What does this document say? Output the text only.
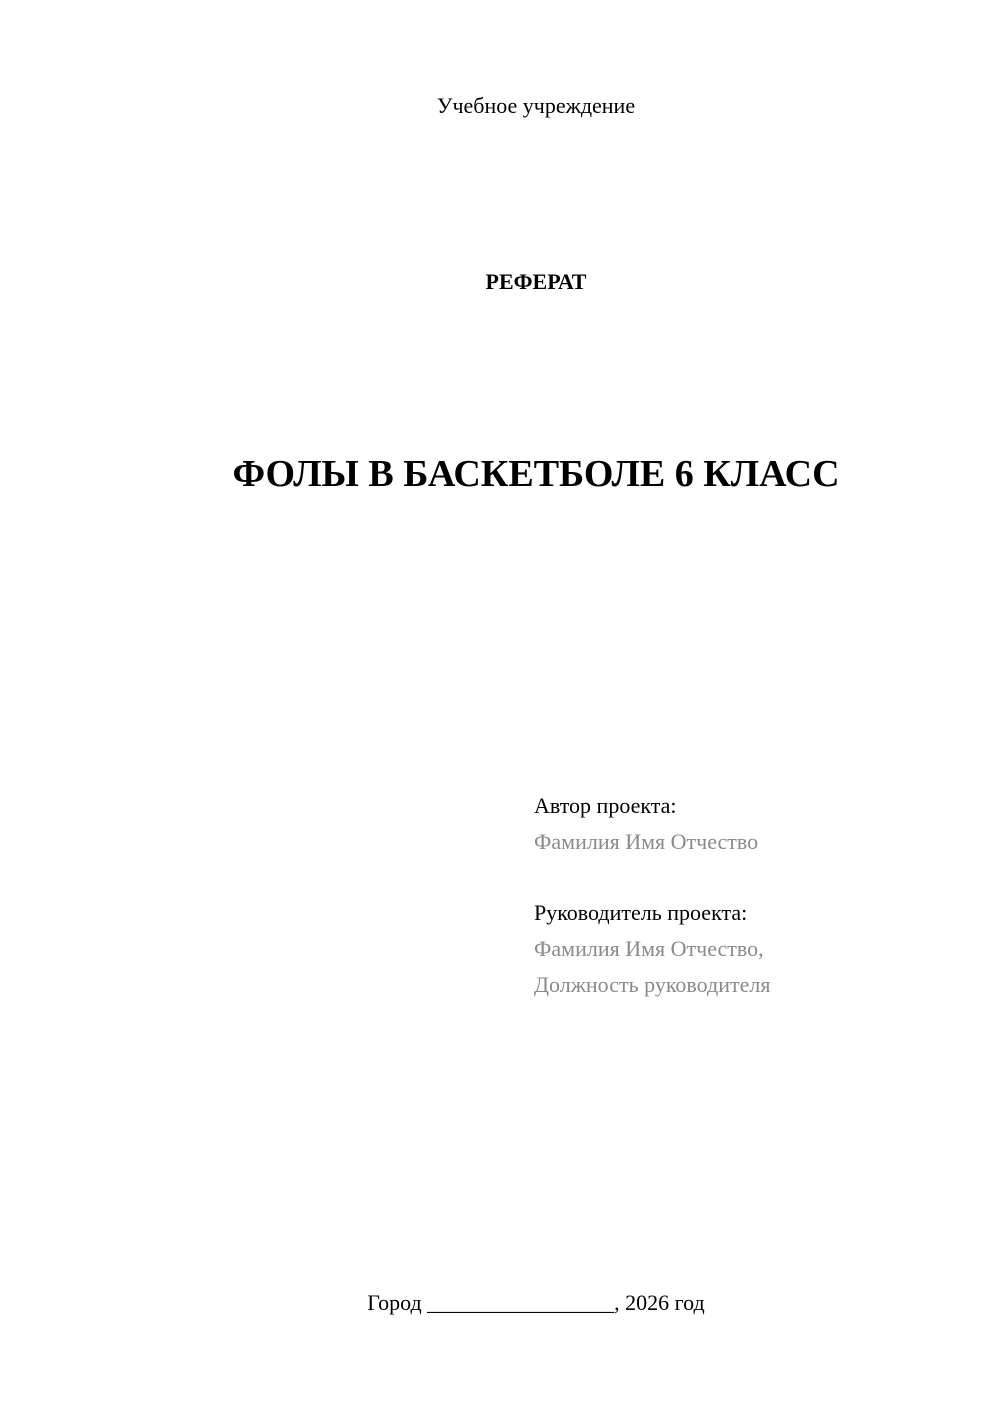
Учебное учреждение
РЕФЕРАТ
ФОЛЫ В БАСКЕТБОЛЕ 6 КЛАСС
Автор проекта:
Фамилия Имя Отчество
Руководитель проекта:
Фамилия Имя Отчество,
Должность руководителя
Город _________________, 2026 год
